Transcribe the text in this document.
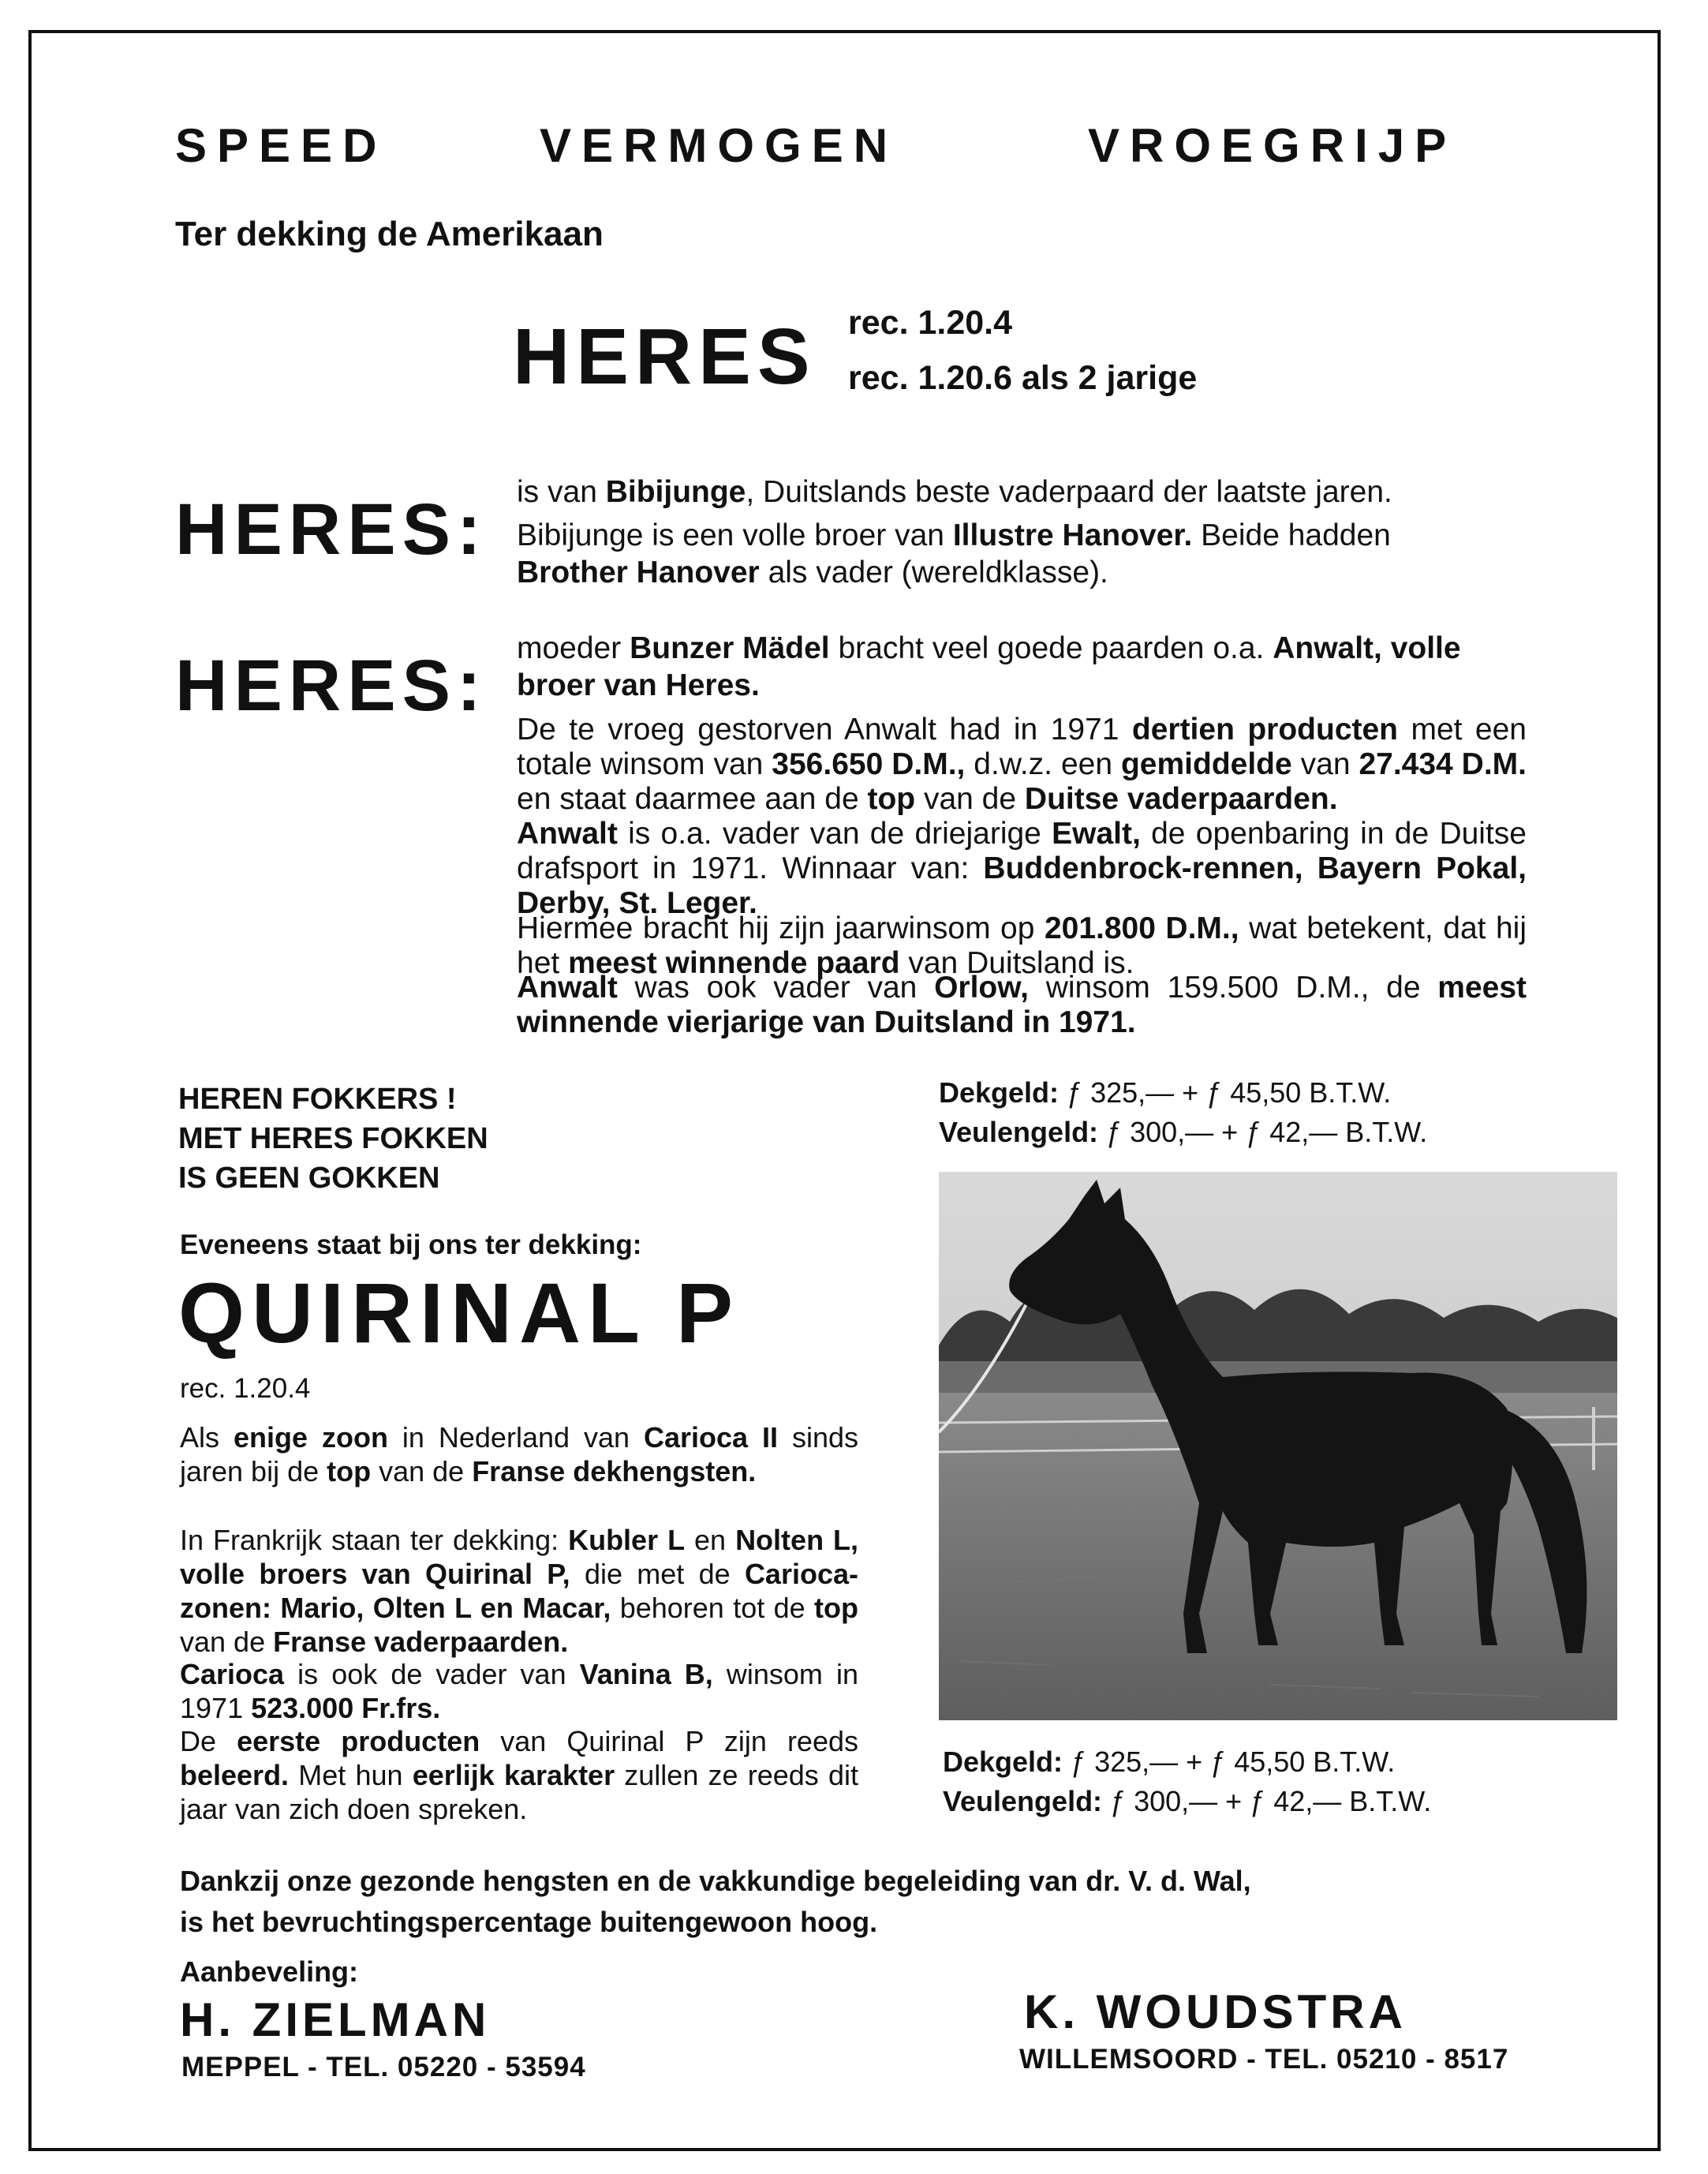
SPEED	VERMOGEN	VROEGRIJP
Ter dekking de Amerikaan
HERES rec. 1.20.4
rec. 1.20.6 als 2 jarige
HERES: is van Bibijunge, Duitslands beste vaderpaard der laatste jaren.

Bibijunge is een volle broer van Illustre Hanover. Beide hadden
Brother Hanover als vader (wereldklasse).
HERES: moeder Bunzer Mädel bracht veel goede paarden o.a. Anwalt, volle
broer van Heres.
De te vroeg gestorven Anwalt had in 1971 dertien producten met een totale winsom van 356.650 D.M., d.w.z. een gemiddelde van 27.434 D.M. en staat daarmee aan de top van de Duitse vaderpaarden.
Anwalt is o.a. vader van de driejarige Ewalt, de openbaring in de Duitse drafsport in 1971. Winnaar van: Buddenbrock-rennen, Bayern Pokal, Derby, St. Leger.
Hiermee bracht hij zijn jaarwinsom op 201.800 D.M., wat betekent, dat hij het meest winnende paard van Duitsland is.
Anwalt was ook vader van Orlow, winsom 159.500 D.M., de meest winnende vierjarige van Duitsland in 1971.
HEREN FOKKERS !
MET HERES FOKKEN
IS GEEN GOKKEN
Dekgeld: ƒ 325,— + ƒ 45,50 B.T.W.
Veulengeld: ƒ 300,— + ƒ 42,— B.T.W.
Dekgeld: ƒ 325,— + ƒ 45,50 B.T.W.
Veulengeld: ƒ 300,— + ƒ 42,— B.T.W.
Eveneens staat bij ons ter dekking:
QUIRINAL P
rec. 1.20.4
Als enige zoon in Nederland van Carioca II sinds jaren bij de top van de Franse dekhengsten.
In Frankrijk staan ter dekking: Kubler L en Nolten L, volle broers van Quirinal P, die met de Carioca-zonen: Mario, Olten L en Macar, behoren tot de top van de Franse vaderpaarden.
Carioca is ook de vader van Vanina B, winsom in 1971 523.000 Fr.frs.
De eerste producten van Quirinal P zijn reeds beleerd. Met hun eerlijk karakter zullen ze reeds dit jaar van zich doen spreken.
Dankzij onze gezonde hengsten en de vakkundige begeleiding van dr. V. d. Wal,
is het bevruchtingspercentage buitengewoon hoog.
Aanbeveling:
H. ZIELMAN
MEPPEL - TEL. 05220 - 53594
K. WOUDSTRA
WILLEMSOORD - TEL. 05210 - 8517
